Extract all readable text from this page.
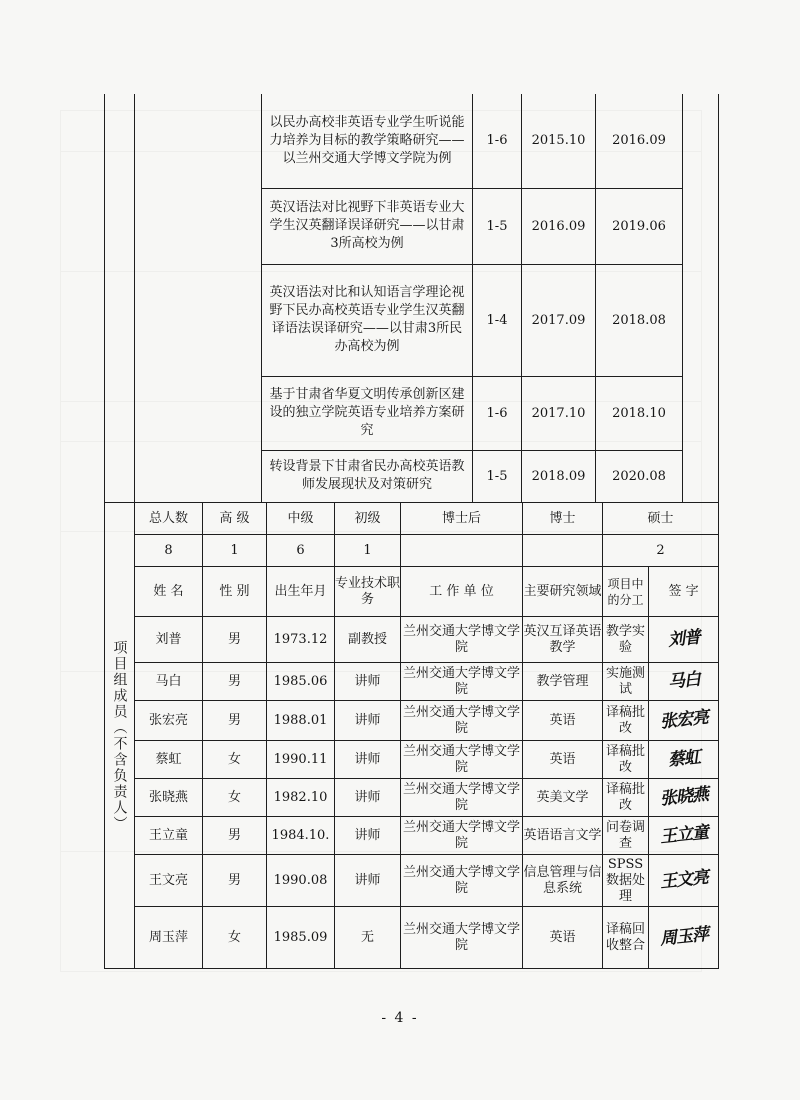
		以民办高校非英语专业学生听说能力培养为目标的教学策略研究——以兰州交通大学博文学院为例	1-6	2015.10	2016.09	
		英汉语法对比视野下非英语专业大学生汉英翻译误译研究——以甘肃3所高校为例	1-5	2016.09	2019.06	
		英汉语法对比和认知语言学理论视野下民办高校英语专业学生汉英翻译语法误译研究——以甘肃3所民办高校为例	1-4	2017.09	2018.08	
		基于甘肃省华夏文明传承创新区建设的独立学院英语专业培养方案研究	1-6	2017.10	2018.10	
		转设背景下甘肃省民办高校英语教师发展现状及对策研究	1-5	2018.09	2020.08	
项目组成员（不含负责人）	总人数	高 级	中级	初级	博士后	博士	硕士	
	8	1	6	1			2	
	姓 名	性 别	出生年月	专业技术职务	工 作 单 位	主要研究领域	项目中的分工	签 字
	刘普	男	1973.12	副教授	兰州交通大学博文学院	英汉互译英语教学	教学实验	刘普
	马白	男	1985.06	讲师	兰州交通大学博文学院	教学管理	实施测试	马白
	张宏亮	男	1988.01	讲师	兰州交通大学博文学院	英语	译稿批改	张宏亮
	蔡虹	女	1990.11	讲师	兰州交通大学博文学院	英语	译稿批改	蔡虹
	张晓燕	女	1982.10	讲师	兰州交通大学博文学院	英美文学	译稿批改	张晓燕
	王立童	男	1984.10.	讲师	兰州交通大学博文学院	英语语言文学	问卷调查	王立童
	王文亮	男	1990.08	讲师	兰州交通大学博文学院	信息管理与信息系统	SPSS数据处理	王文亮
	周玉萍	女	1985.09	无	兰州交通大学博文学院	英语	译稿回收整合	周玉萍
- 4 -
